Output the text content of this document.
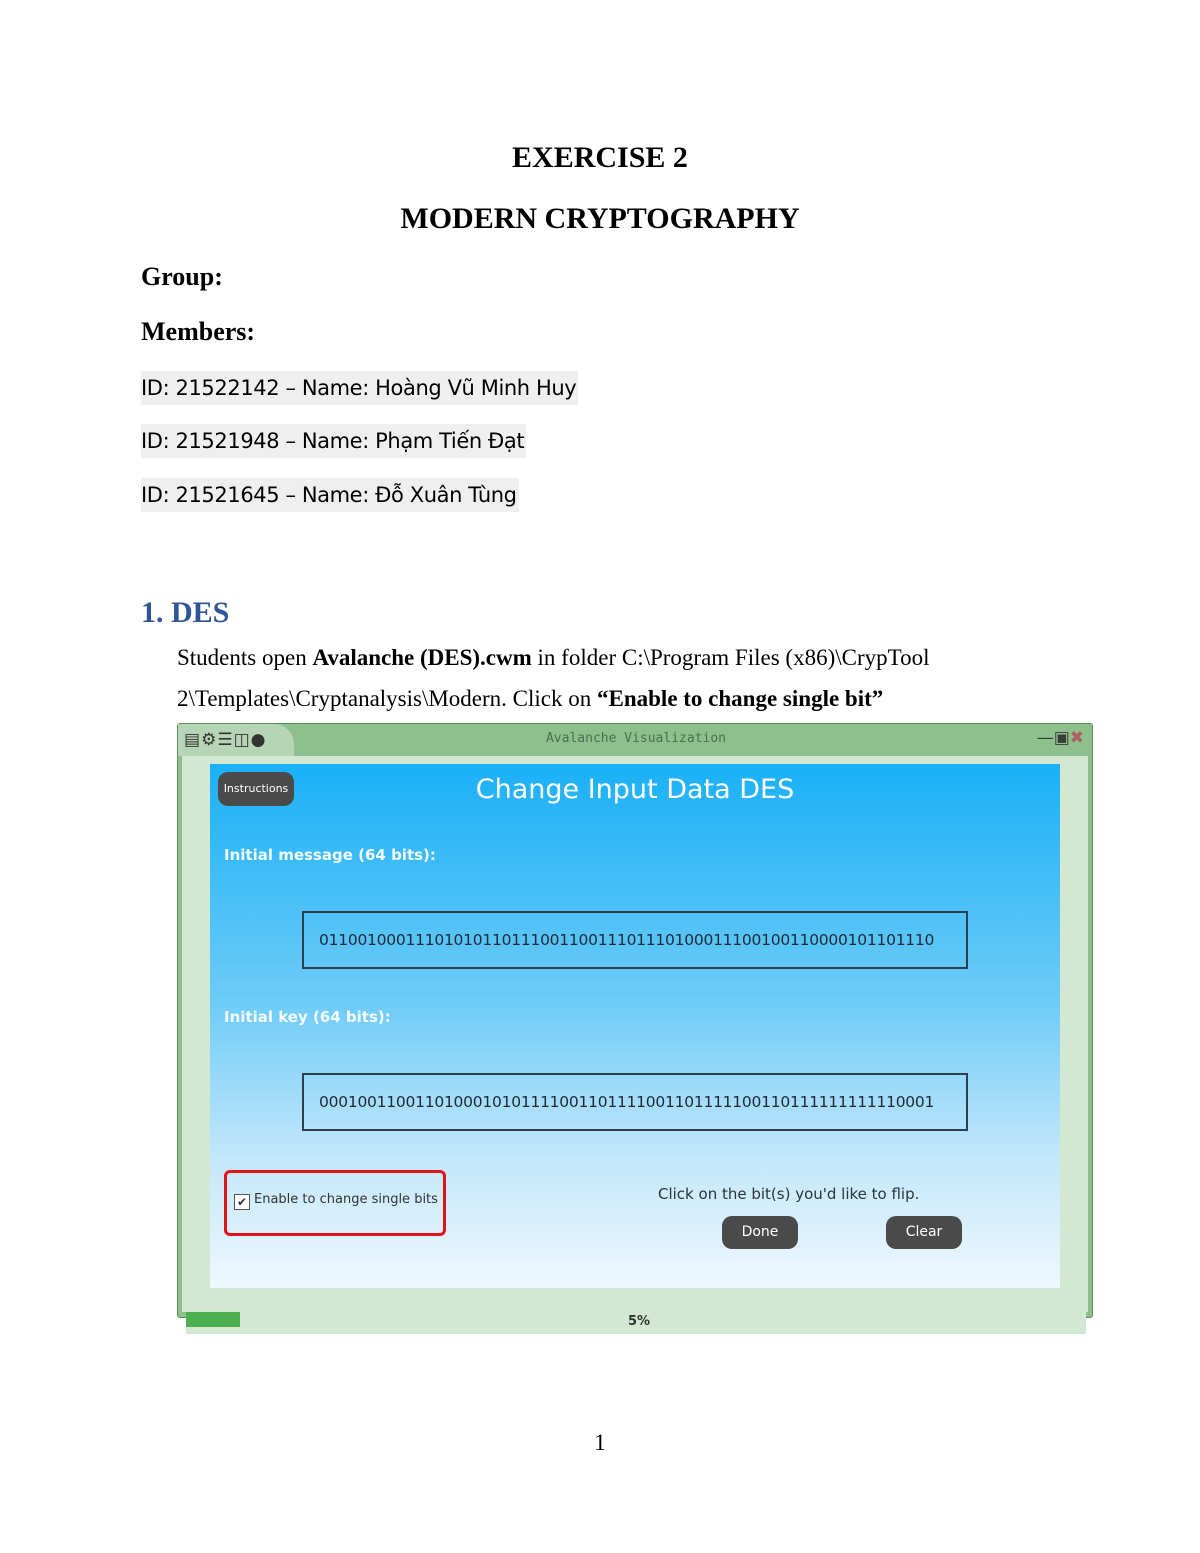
EXERCISE 2
MODERN CRYPTOGRAPHY
Group:
Members:
ID: 21522142 – Name: Hoàng Vũ Minh Huy
ID: 21521948 – Name: Phạm Tiến Đạt
ID: 21521645 – Name: Đỗ Xuân Tùng
1. DES
Students open Avalanche (DES).cwm in folder C:\Program Files (x86)\CrypTool
2\Templates\Cryptanalysis\Modern. Click on “Enable to change single bit”
▤⚙☰◫●	Avalanche Visualization	—▣✖
Instructions	Change Input Data DES
Initial message (64 bits):
0110010001110101011011100110011101110100011100100110000101101110
Initial key (64 bits):
0001001100110100010101111001101111001101111100110111111111110001
✔ Enable to change single bits	Click on the bit(s) you'd like to flip.
Done	Clear
5%
1
